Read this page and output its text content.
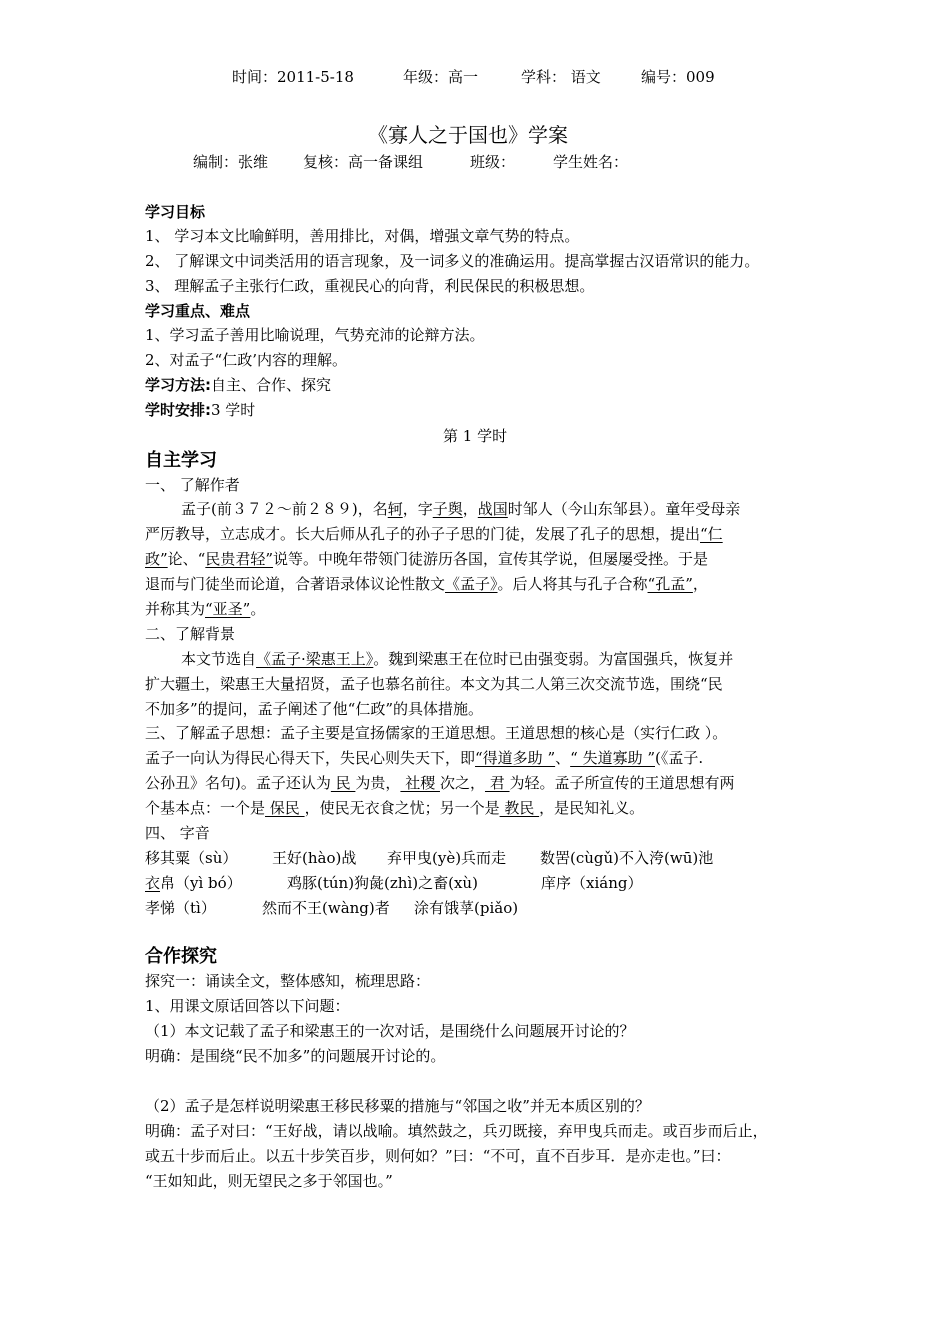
时间：2011-5-18	年级：高一	学科： 语文	编号：009
《寡人之于国也》学案
编制：张维 复核：高一备课组	班级：	学生姓名：
学习目标
1、 学习本文比喻鲜明，善用排比，对偶，增强文章气势的特点。
2、 了解课文中词类活用的语言现象，及一词多义的准确运用。提高掌握古汉语常识的能力。
3、 理解孟子主张行仁政，重视民心的向背，利民保民的积极思想。
学习重点、难点
1、学习孟子善用比喻说理，气势充沛的论辩方法。
2、对孟子“仁政’内容的理解。
学习方法:自主、合作、探究
学时安排:3 学时
第 1 学时
自主学习
一、 了解作者
孟子(前３７２～前２８９)，名轲，字子舆，战国时邹人（今山东邹县）。童年受母亲
严厉教导，立志成才。长大后师从孔子的孙子子思的门徒，发展了孔子的思想，提出“仁
政”论、“民贵君轻”说等。中晚年带领门徒游历各国，宣传其学说，但屡屡受挫。于是
退而与门徒坐而论道，合著语录体议论性散文《孟子》。后人将其与孔子合称“孔孟”，
并称其为“亚圣”。
二、了解背景
本文节选自《孟子·梁惠王上》。魏到梁惠王在位时已由强变弱。为富国强兵，恢复并
扩大疆土，梁惠王大量招贤，孟子也慕名前往。本文为其二人第三次交流节选，围绕“民
不加多”的提问，孟子阐述了他“仁政”的具体措施。
三、了解孟子思想：孟子主要是宣扬儒家的王道思想。王道思想的核心是（实行仁政 ）。
孟子一向认为得民心得天下，失民心则失天下，即“得道多助 ”、“ 失道寡助 ”(《孟子.
公孙丑》名句)。孟子还认为 民 为贵， 社稷 次之， 君 为轻。孟子所宣传的王道思想有两
个基本点：一个是 保民 ，使民无衣食之忧；另一个是 教民 ，是民知礼义。
四、 字音
移其粟（sù） 王好(hào)战 弃甲曳(yè)兵而走 数罟(cùgǔ)不入洿(wū)池
衣帛（yì bó）	鸡豚(tún)狗彘(zhì)之畜(xù)	庠序（xiáng）
孝悌（tì）	然而不王(wàng)者 涂有饿莩(piǎo)
合作探究
探究一：诵读全文，整体感知，梳理思路：
1、用课文原话回答以下问题：
（1）本文记载了孟子和梁惠王的一次对话，是围绕什么问题展开讨论的？
明确：是围绕“民不加多”的问题展开讨论的。
（2）孟子是怎样说明梁惠王移民移粟的措施与“邻国之收”并无本质区别的？
明确：孟子对曰：“王好战，请以战喻。填然鼓之，兵刃既接，弃甲曳兵而走。或百步而后止，
或五十步而后止。以五十步笑百步，则何如？”曰：“不可，直不百步耳．是亦走也。”曰：
“王如知此，则无望民之多于邻国也。”
